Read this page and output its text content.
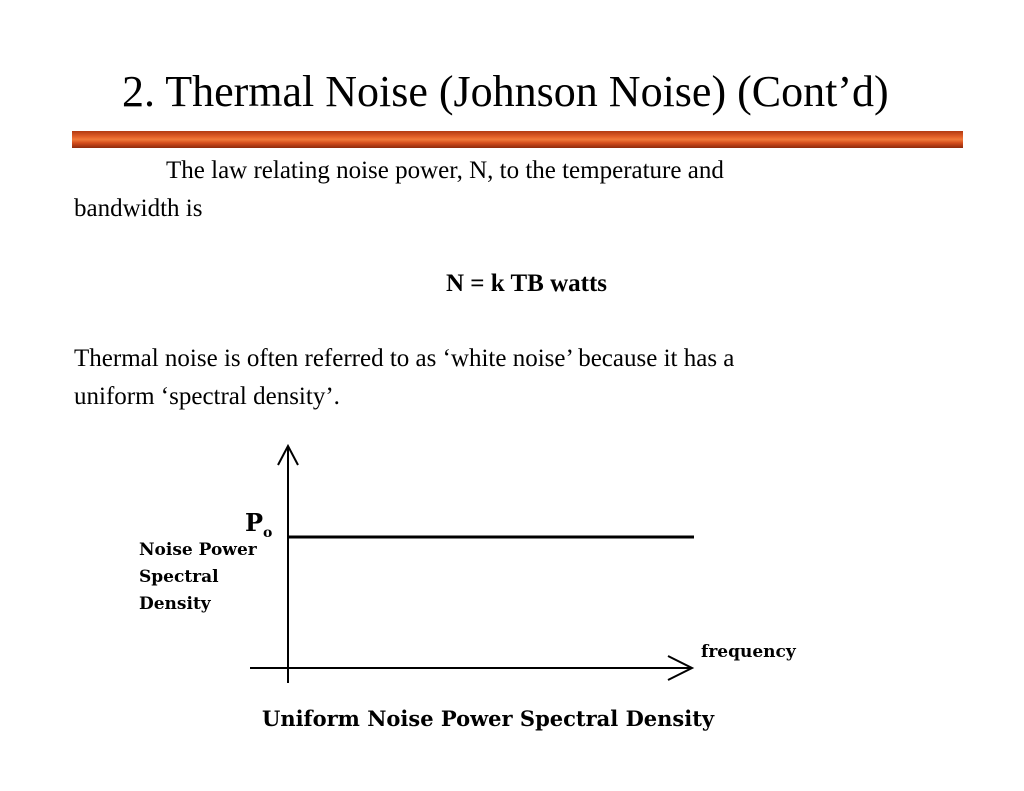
2. Thermal Noise (Johnson Noise) (Cont’d)

The law relating noise power, N, to the temperature and

bandwidth is

N = k TB watts

Thermal noise is often referred to as ‘white noise’ because it has a

uniform ‘spectral density’.

$P_o$
Noise Power
Spectral
Density
frequency
Uniform Noise Power Spectral Density
